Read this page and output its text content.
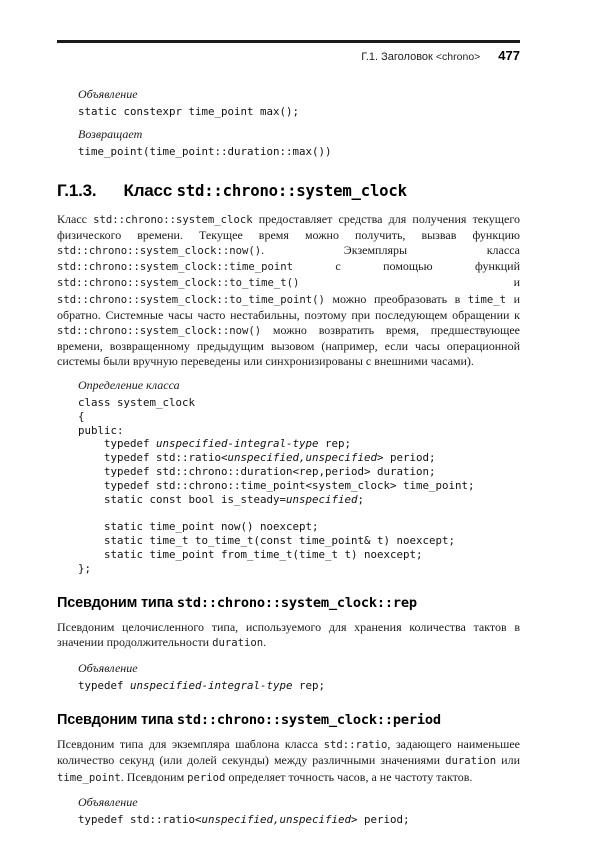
Г.1. Заголовок <chrono> 477
Объявление
static constexpr time_point max();
Возвращает
time_point(time_point::duration::max())
Г.1.3. Класс std::chrono::system_clock

Класс std::chrono::system_clock предоставляет средства для получения текущего физического времени. Текущее время можно получить, вызвав функцию std::chrono::system_clock::now(). Экземпляры класса std::chrono::system_clock::time_point с помощью функций std::chrono::system_clock::to_time_t() и std::chrono::system_clock::to_time_point() можно преобразовать в time_t и обратно. Системные часы часто нестабильны, поэтому при последующем обращении к std::chrono::system_clock::now() можно возвратить время, предшествующее времени, возвращенному предыдущим вызовом (например, если часы операционной системы были вручную переведены или синхронизированы с внешними часами).

Определение класса
class system_clock
{
public:
typedef unspecified-integral-type rep;
typedef std::ratio<unspecified,unspecified> period;
typedef std::chrono::duration<rep,period> duration;
typedef std::chrono::time_point<system_clock> time_point;
static const bool is_steady=unspecified;

static time_point now() noexcept;
static time_t to_time_t(const time_point& t) noexcept;
static time_point from_time_t(time_t t) noexcept;
};
Псевдоним типа std::chrono::system_clock::rep

Псевдоним целочисленного типа, используемого для хранения количества тактов в значении продолжительности duration.

Объявление
typedef unspecified-integral-type rep;
Псевдоним типа std::chrono::system_clock::period

Псевдоним типа для экземпляра шаблона класса std::ratio, задающего наименьшее количество секунд (или долей секунды) между различными значениями duration или time_point. Псевдоним period определяет точность часов, а не частоту тактов.

Объявление
typedef std::ratio<unspecified,unspecified> period;
